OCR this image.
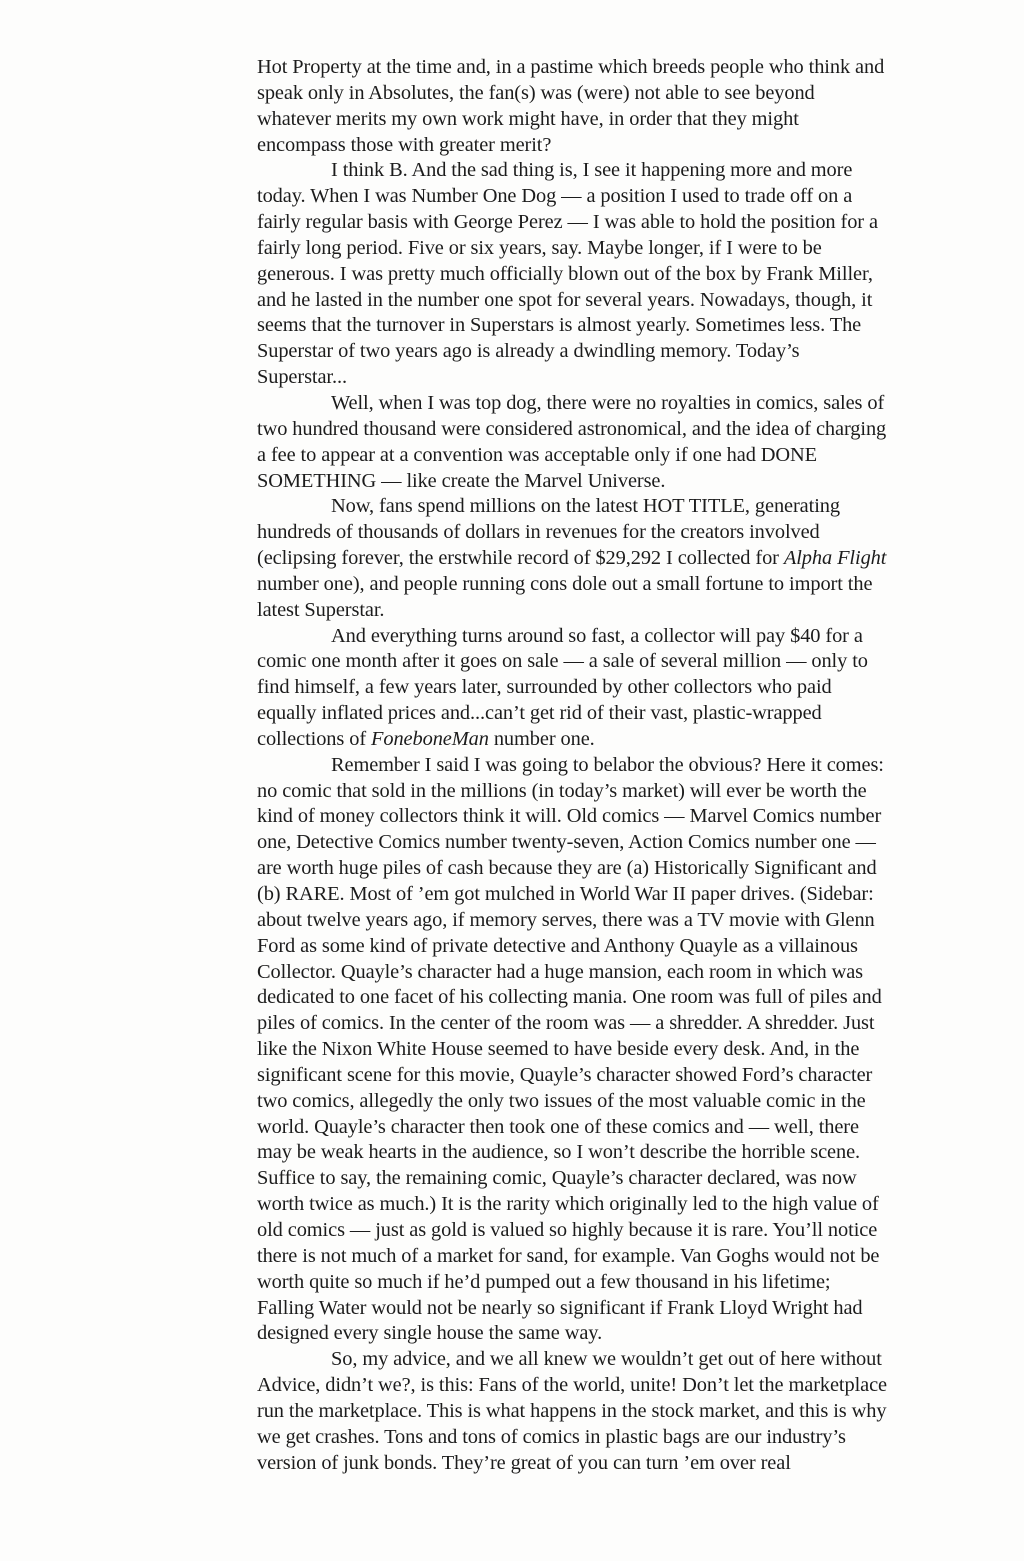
Hot Property at the time and, in a pastime which breeds people who think and speak only in Absolutes, the fan(s) was (were) not able to see beyond whatever merits my own work might have, in order that they might encompass those with greater merit?

I think B. And the sad thing is, I see it happening more and more today. When I was Number One Dog — a position I used to trade off on a fairly regular basis with George Perez — I was able to hold the position for a fairly long period. Five or six years, say. Maybe longer, if I were to be generous. I was pretty much officially blown out of the box by Frank Miller, and he lasted in the number one spot for several years. Nowadays, though, it seems that the turnover in Superstars is almost yearly. Sometimes less. The Superstar of two years ago is already a dwindling memory. Today’s Superstar...

Well, when I was top dog, there were no royalties in comics, sales of two hundred thousand were considered astronomical, and the idea of charging a fee to appear at a convention was acceptable only if one had DONE SOMETHING — like create the Marvel Universe.

Now, fans spend millions on the latest HOT TITLE, generating hundreds of thousands of dollars in revenues for the creators involved (eclipsing forever, the erstwhile record of $29,292 I collected for Alpha Flight number one), and people running cons dole out a small fortune to import the latest Superstar.

And everything turns around so fast, a collector will pay $40 for a comic one month after it goes on sale — a sale of several million — only to find himself, a few years later, surrounded by other collectors who paid equally inflated prices and...can’t get rid of their vast, plastic-wrapped collections of FoneboneMan number one.

Remember I said I was going to belabor the obvious? Here it comes: no comic that sold in the millions (in today’s market) will ever be worth the kind of money collectors think it will. Old comics — Marvel Comics number one, Detective Comics number twenty-seven, Action Comics number one — are worth huge piles of cash because they are (a) Historically Significant and (b) RARE. Most of ’em got mulched in World War II paper drives. (Sidebar: about twelve years ago, if memory serves, there was a TV movie with Glenn Ford as some kind of private detective and Anthony Quayle as a villainous Collector. Quayle’s character had a huge mansion, each room in which was dedicated to one facet of his collecting mania. One room was full of piles and piles of comics. In the center of the room was — a shredder. A shredder. Just like the Nixon White House seemed to have beside every desk. And, in the significant scene for this movie, Quayle’s character showed Ford’s character two comics, allegedly the only two issues of the most valuable comic in the world. Quayle’s character then took one of these comics and — well, there may be weak hearts in the audience, so I won’t describe the horrible scene. Suffice to say, the remaining comic, Quayle’s character declared, was now worth twice as much.) It is the rarity which originally led to the high value of old comics — just as gold is valued so highly because it is rare. You’ll notice there is not much of a market for sand, for example. Van Goghs would not be worth quite so much if he’d pumped out a few thousand in his lifetime; Falling Water would not be nearly so significant if Frank Lloyd Wright had designed every single house the same way.

So, my advice, and we all knew we wouldn’t get out of here without Advice, didn’t we?, is this: Fans of the world, unite! Don’t let the marketplace run the marketplace. This is what happens in the stock market, and this is why we get crashes. Tons and tons of comics in plastic bags are our industry’s version of junk bonds. They’re great of you can turn ’em over real
